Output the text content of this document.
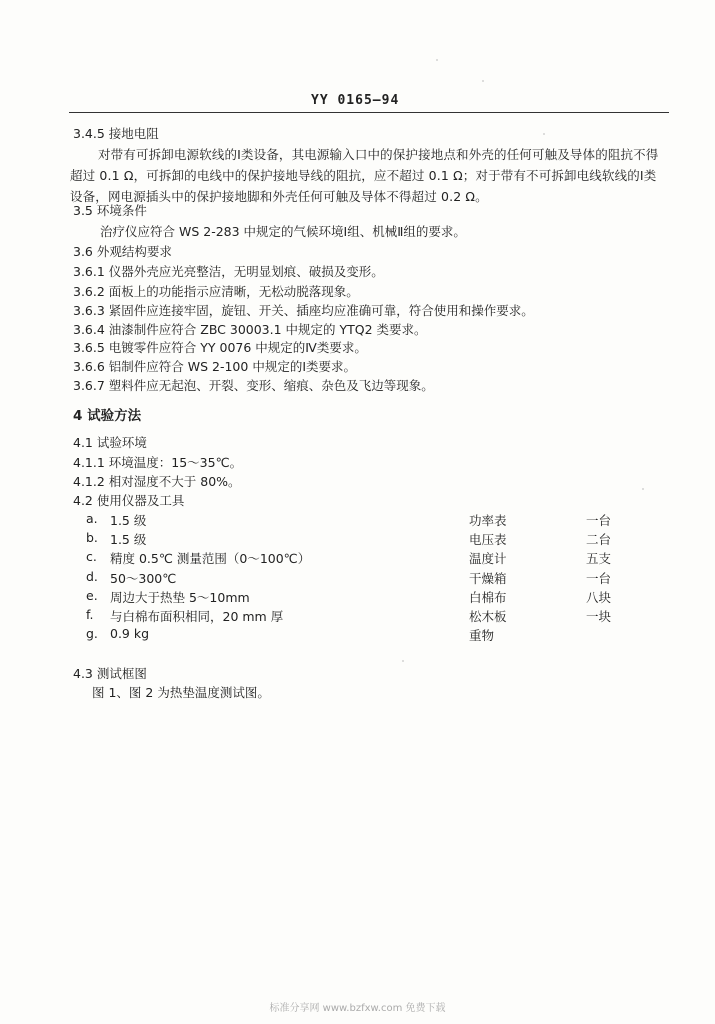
YY 0165—94
3.4.5 接地电阻
对带有可拆卸电源软线的Ⅰ类设备，其电源输入口中的保护接地点和外壳的任何可触及导体的阻抗不得超过 0.1 Ω，可拆卸的电线中的保护接地导线的阻抗，应不超过 0.1 Ω；对于带有不可拆卸电线软线的Ⅰ类设备，网电源插头中的保护接地脚和外壳任何可触及导体不得超过 0.2 Ω。
3.5 环境条件
治疗仪应符合 WS 2-283 中规定的气候环境Ⅰ组、机械Ⅱ组的要求。
3.6 外观结构要求
3.6.1 仪器外壳应光亮整洁，无明显划痕、破损及变形。
3.6.2 面板上的功能指示应清晰，无松动脱落现象。
3.6.3 紧固件应连接牢固，旋钮、开关、插座均应准确可靠，符合使用和操作要求。
3.6.4 油漆制件应符合 ZBC 30003.1 中规定的 YTQ2 类要求。
3.6.5 电镀零件应符合 YY 0076 中规定的Ⅳ类要求。
3.6.6 铝制件应符合 WS 2-100 中规定的Ⅰ类要求。
3.6.7 塑料件应无起泡、开裂、变形、缩痕、杂色及飞边等现象。
4 试验方法
4.1 试验环境
4.1.1 环境温度：15～35℃。
4.1.2 相对湿度不大于 80%。
4.2 使用仪器及工具
a. 1.5 级	功率表	一台
b. 1.5 级	电压表	二台
c. 精度 0.5℃ 测量范围（0～100℃）	温度计	五支
d. 50～300℃	干燥箱	一台
e. 周边大于热垫 5～10mm	白棉布	八块
f. 与白棉布面积相同，20 mm 厚	松木板	一块
g. 0.9 kg	重物
4.3 测试框图
图 1、图 2 为热垫温度测试图。
标准分享网 www.bzfxw.com 免费下载
